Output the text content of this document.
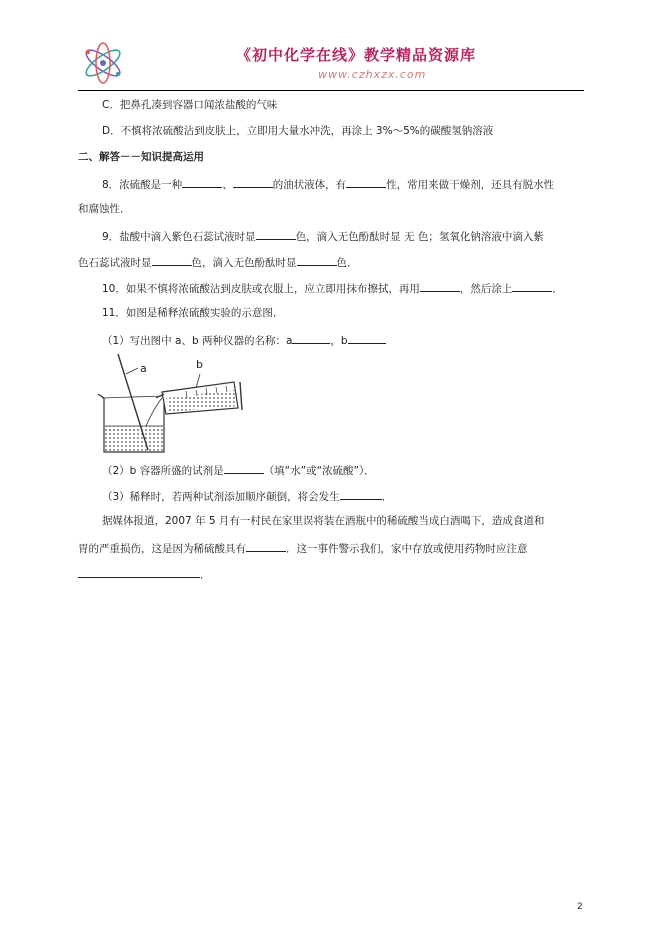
《初中化学在线》教学精品资源库
www.czhxzx.com
C．把鼻孔凑到容器口闻浓盐酸的气味
D．不慎将浓硫酸沾到皮肤上，立即用大量水冲洗，再涂上 3%～5%的碳酸氢钠溶液
二、解答－－知识提高运用
8．浓硫酸是一种	、	的油状液体，有	性，常用来做干燥剂，还具有脱水性
和腐蚀性．
9．盐酸中滴入紫色石蕊试液时显	色，滴入无色酚酞时显 无 色；氢氧化钠溶液中滴入紫
色石蕊试液时显	色，滴入无色酚酞时显	色．
10．如果不慎将浓硫酸沾到皮肤或衣服上，应立即用抹布擦拭，再用	，然后涂上	．
11．如图是稀释浓硫酸实验的示意图．
（1）写出图中 a、b 两种仪器的名称：a	，b
a	b
（2）b 容器所盛的试剂是	（填“水”或“浓硫酸”）．
（3）稀释时，若两种试剂添加顺序颠倒，将会发生	．
据媒体报道，2007 年 5 月有一村民在家里误将装在酒瓶中的稀硫酸当成白酒喝下，造成食道和
胃的严重损伤，这是因为稀硫酸具有	．这一事件警示我们，家中存放或使用药物时应注意
．
2
